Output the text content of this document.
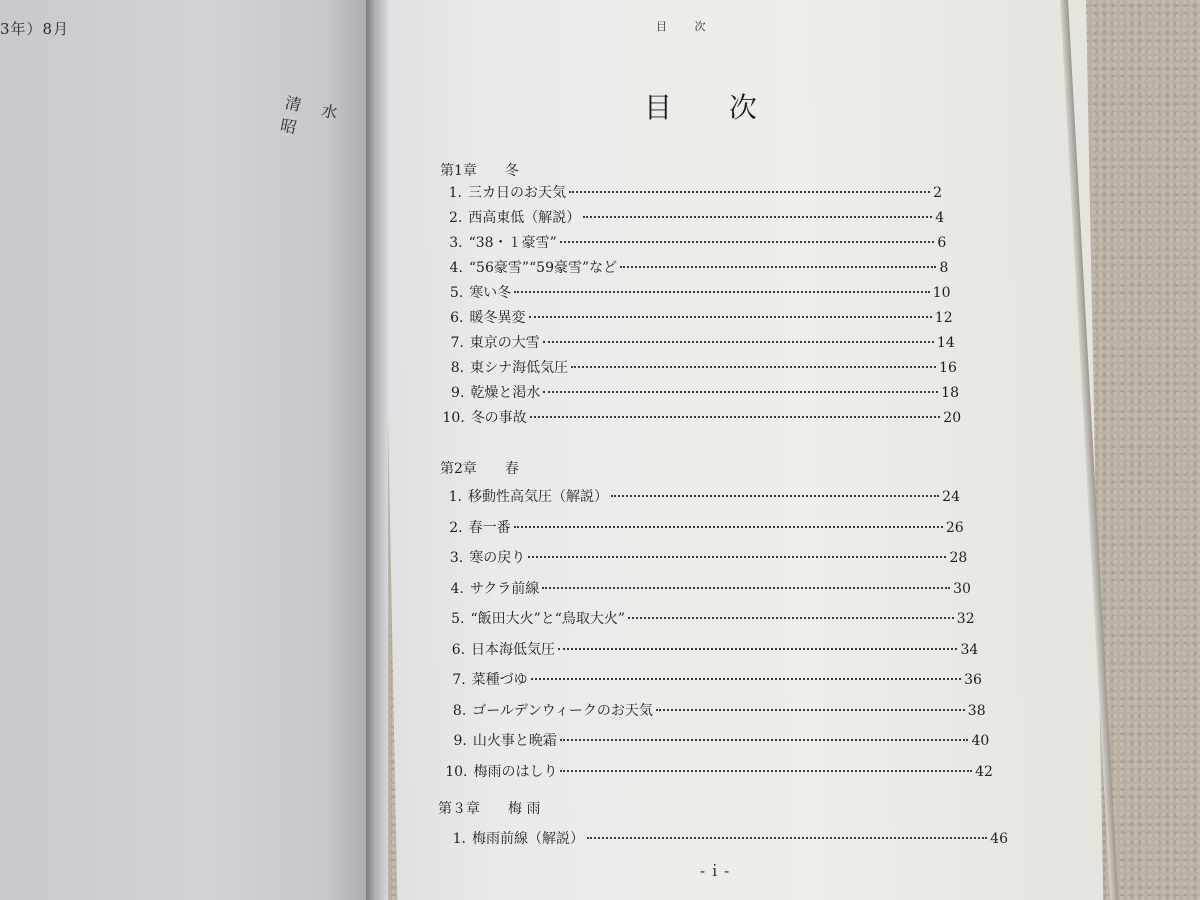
3年）8月
清 水 昭
目 次
目 次
第1章 冬
1. 三カ日のお天気	2
2. 西高東低（解説）	4
3. “38・１豪雪”	6
4. “56豪雪”“59豪雪”など	8
5. 寒い冬	10
6. 暖冬異変	12
7. 東京の大雪	14
8. 東シナ海低気圧	16
9. 乾燥と渇水	18
10. 冬の事故	20
第2章 春
1. 移動性高気圧（解説）	24
2. 春一番	26
3. 寒の戻り	28
4. サクラ前線	30
5. “飯田大火”と“鳥取大火”	32
6. 日本海低気圧	34
7. 菜種づゆ	36
8. ゴールデンウィークのお天気	38
9. 山火事と晩霜	40
10. 梅雨のはしり	42
第３章 梅 雨
1. 梅雨前線（解説）	46
-ｉ-
